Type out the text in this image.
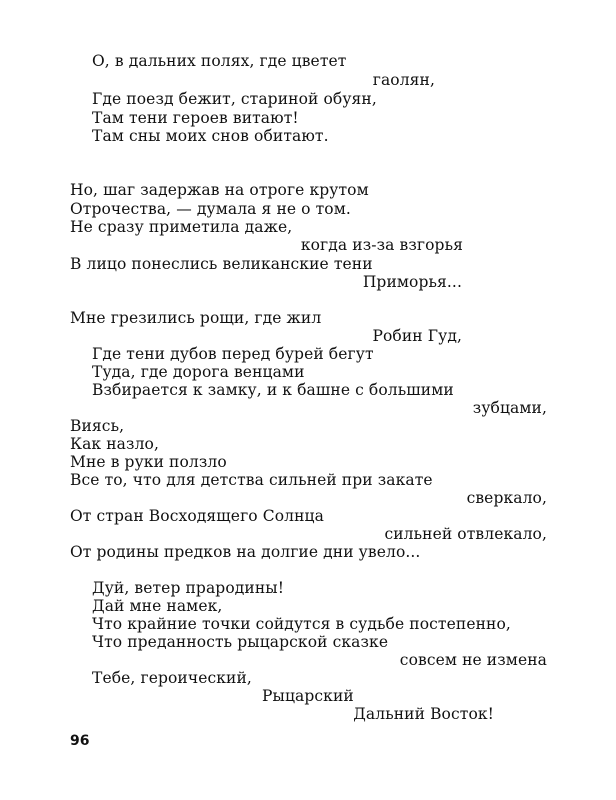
О, в дальних полях, где цветет
гаолян,
Где поезд бежит, стариной обуян,
Там тени героев витают!
Там сны моих снов обитают.
Но, шаг задержав на отроге крутом
Отрочества, — думала я не о том.
Не сразу приметила даже,
когда из-за взгорья
В лицо понеслись великанские тени
Приморья...
Мне грезились рощи, где жил
Робин Гуд,
Где тени дубов перед бурей бегут
Туда, где дорога венцами
Взбирается к замку, и к башне с большими
зубцами,
Виясь,
Как назло,
Мне в руки ползло
Все то, что для детства сильней при закате
сверкало,
От стран Восходящего Солнца
сильней отвлекало,
От родины предков на долгие дни увело...
Дуй, ветер прародины!
Дай мне намек,
Что крайние точки сойдутся в судьбе постепенно,
Что преданность рыцарской сказке
совсем не измена
Тебе, героический,
Рыцарский
Дальний Восток!
96
